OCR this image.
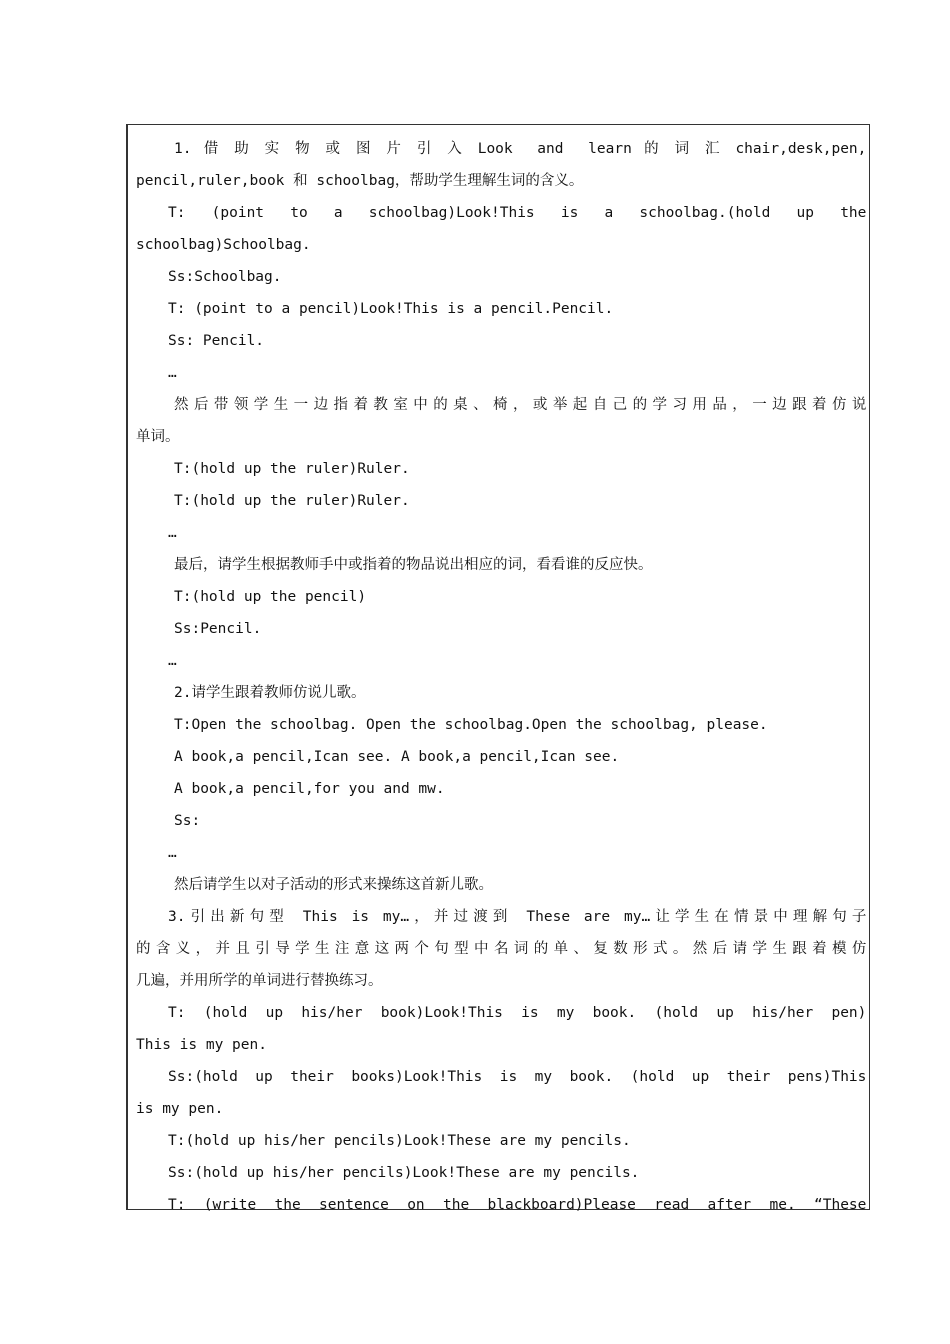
1. 借 助 实 物 或 图 片 引 入 Look  and  learn 的 词 汇 chair,desk,pen,
pencil,ruler,book 和 schoolbag，帮助学生理解生词的含义。
T:  (point  to  a  schoolbag)Look!This  is  a  schoolbag.(hold  up  the
schoolbag)Schoolbag.
Ss:Schoolbag.
T: (point to a pencil)Look!This is a pencil.Pencil.
Ss: Pencil.
…
然后带领学生一边指着教室中的桌、椅，或举起自己的学习用品，一边跟着仿说
单词。
T:(hold up the ruler)Ruler.
T:(hold up the ruler)Ruler.
…
最后，请学生根据教师手中或指着的物品说出相应的词，看看谁的反应快。
T:(hold up the pencil)
Ss:Pencil.
…
2.请学生跟着教师仿说儿歌。
T:Open the schoolbag. Open the schoolbag.Open the schoolbag, please.
A book,a pencil,Ican see. A book,a pencil,Ican see.
A book,a pencil,for you and mw.
Ss:
…
然后请学生以对子活动的形式来操练这首新儿歌。
3.引出新句型 This is my…，并过渡到 These are my…让学生在情景中理解句子
的含义，并且引导学生注意这两个句型中名词的单、复数形式。然后请学生跟着模仿
几遍，并用所学的单词进行替换练习。
T:  (hold  up  his/her  book)Look!This  is  my  book.  (hold  up  his/her  pen)
This is my pen.
Ss:(hold  up  their  books)Look!This  is  my  book.  (hold  up  their  pens)This
is my pen.
T:(hold up his/her pencils)Look!These are my pencils.
Ss:(hold up his/her pencils)Look!These are my pencils.
T:  (write  the  sentence  on  the  blackboard)Please  read  after  me.  “These
